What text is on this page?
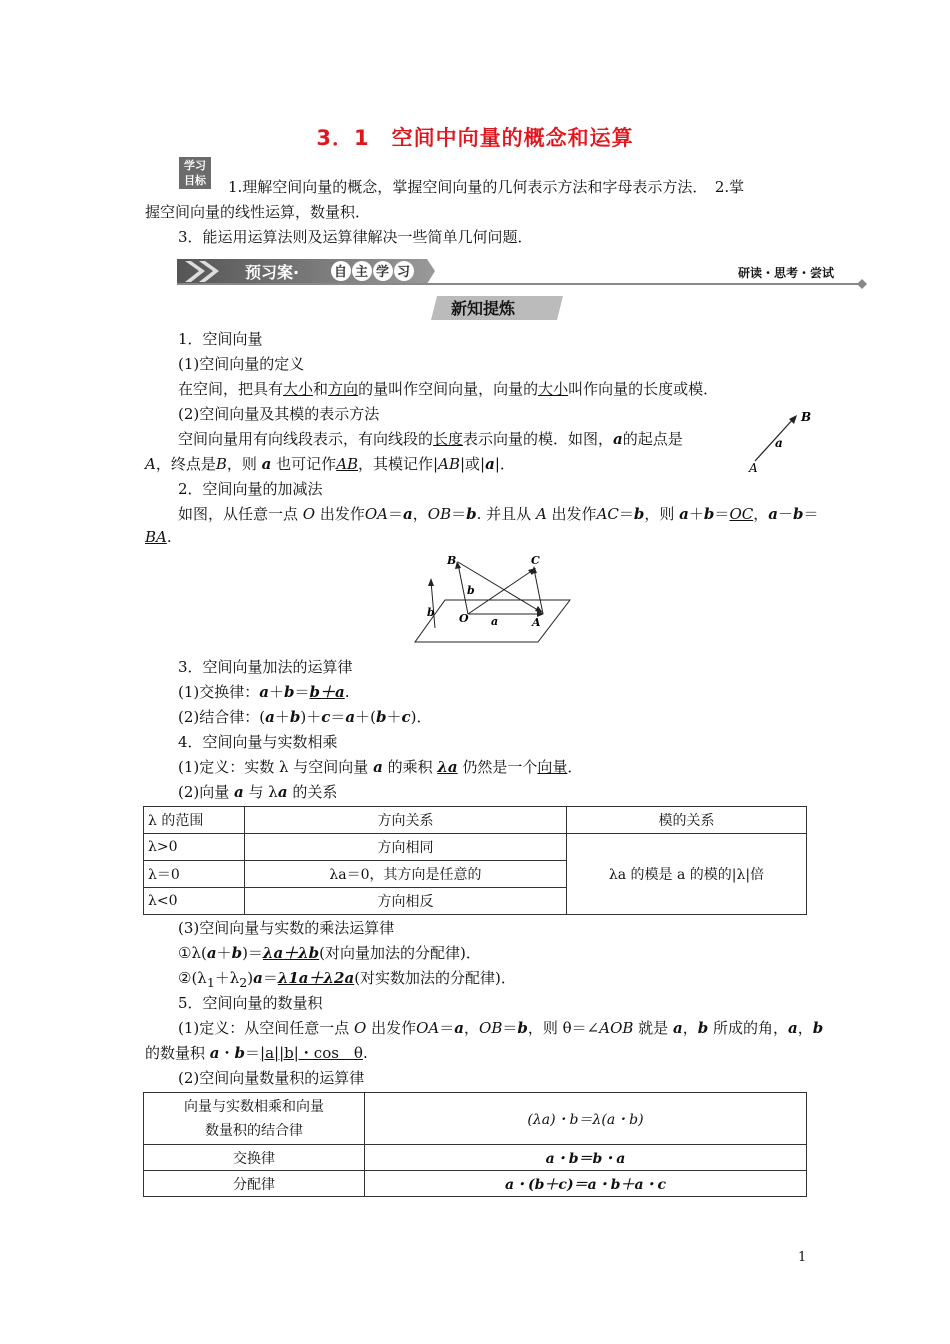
3．1　空间中向量的概念和运算
学习
目标	1.理解空间向量的概念，掌握空间向量的几何表示方法和字母表示方法．　2.掌
握空间向量的线性运算，数量积．
3．能运用运算法则及运算律解决一些简单几何问题．
预习案·	自 主 学 习	研读・思考・尝试
新知提炼
1．空间向量
(1)空间向量的定义
在空间，把具有大小和方向的量叫作空间向量，向量的大小叫作向量的长度或模．
(2)空间向量及其模的表示方法
空间向量用有向线段表示，有向线段的长度表示向量的模．如图，a的起点是
A，终点是B，则 a 也可记作AB，其模记作|AB|或|a|．
B
A
a
2．空间向量的加减法
如图，从任意一点 O 出发作OA＝a，OB＝b. 并且从 A 出发作AC＝b，则 a＋b＝OC，a－b＝
BA.
B	C
O	A
a
b
b
3．空间向量加法的运算律
(1)交换律：a＋b＝b＋a.
(2)结合律：(a＋b)＋c＝a＋(b＋c)．
4．空间向量与实数相乘
(1)定义：实数 λ 与空间向量 a 的乘积 λa 仍然是一个向量．
(2)向量 a 与 λa 的关系
λ 的范围	方向关系	模的关系
λ>0	方向相同	λa 的模是 a 的模的|λ|倍
λ＝0	λa＝0，其方向是任意的	
λ<0	方向相反	
(3)空间向量与实数的乘法运算律
①λ(a＋b)＝λa＋λb(对向量加法的分配律)．
$②(\lambda_1+\lambda_2)a=\lambda 1a+\lambda 2a$(对实数加法的分配律)．
5．空间向量的数量积
(1)定义：从空间任意一点 O 出发作OA＝a，OB＝b，则 θ＝∠AOB 就是 a，b 所成的角，a，b
的数量积 a・b＝|a||b|・cos　θ.
(2)空间向量数量积的运算律
向量与实数相乘和向量
数量积的结合律	(λa)・b＝λ(a・b)
交换律	a・b＝b・a
分配律	a・(b＋c)＝a・b＋a・c
1
